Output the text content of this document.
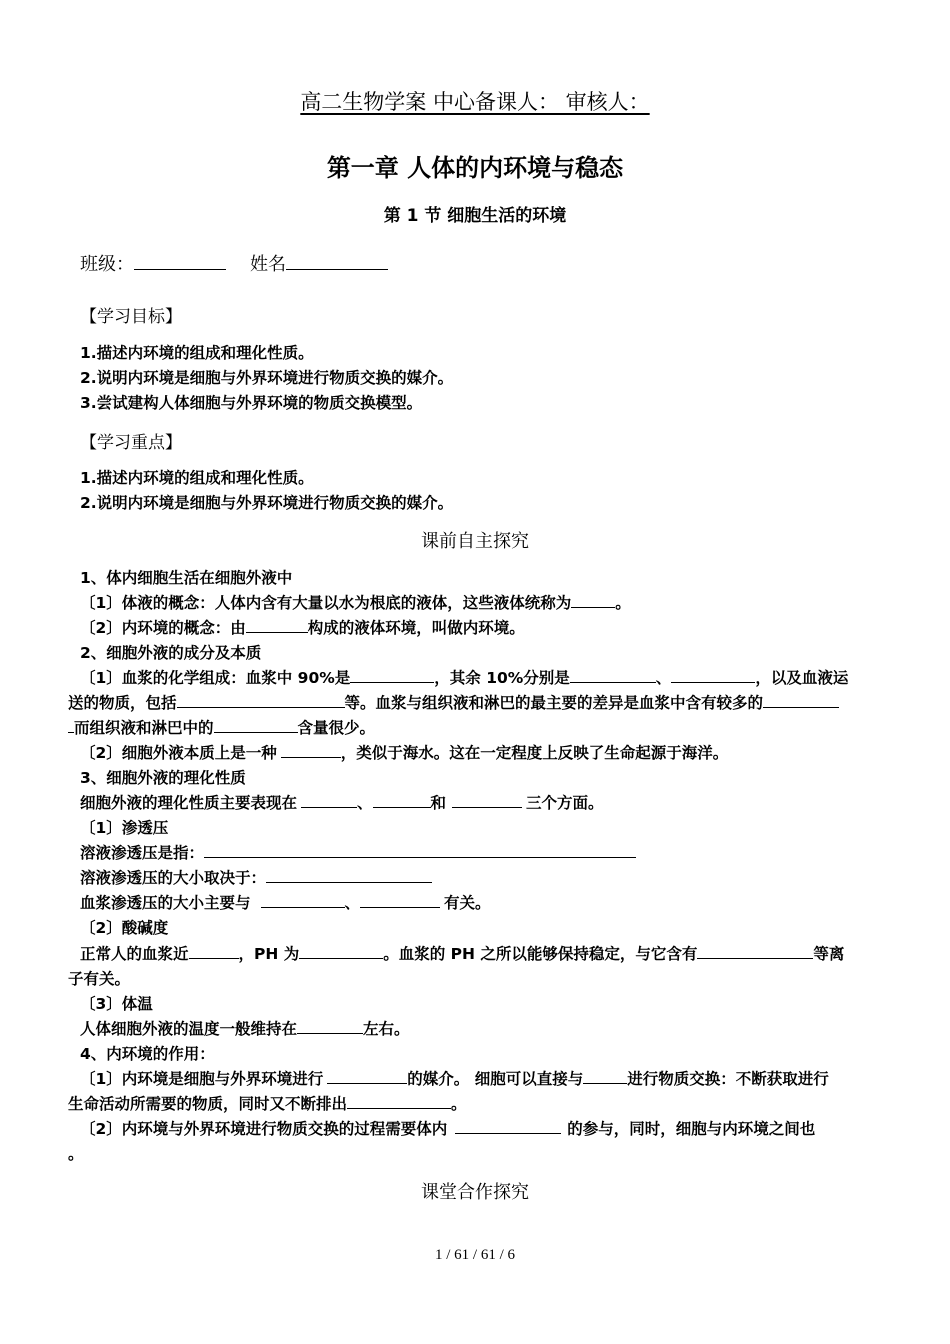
高二生物学案 中心备课人： 审核人：
第一章 人体的内环境与稳态
第 1 节 细胞生活的环境
班级：	姓名
【学习目标】
1.描述内环境的组成和理化性质。
2.说明内环境是细胞与外界环境进行物质交换的媒介。
3.尝试建构人体细胞与外界环境的物质交换模型。
【学习重点】
1.描述内环境的组成和理化性质。
2.说明内环境是细胞与外界环境进行物质交换的媒介。
课前自主探究
1、体内细胞生活在细胞外液中
〔1〕体液的概念：人体内含有大量以水为根底的液体，这些液体统称为	。
〔2〕内环境的概念：由	构成的液体环境，叫做内环境。
2、细胞外液的成分及本质
〔1〕血浆的化学组成：血浆中 90%是	，其余 10%分别是	、	，以及血液运
送的物质，包括	等。血浆与组织液和淋巴的最主要的差异是血浆中含有较多的
而组织液和淋巴中的	含量很少。
〔2〕细胞外液本质上是一种	，类似于海水。这在一定程度上反映了生命起源于海洋。
3、细胞外液的理化性质
细胞外液的理化性质主要表现在	、	和	三个方面。
〔1〕渗透压
溶液渗透压是指：
溶液渗透压的大小取决于：
血浆渗透压的大小主要与	、	有关。
〔2〕酸碱度
正常人的血浆近	，PH 为	。血浆的 PH 之所以能够保持稳定，与它含有	等离
子有关。
〔3〕体温
人体细胞外液的温度一般维持在	左右。
4、内环境的作用：
〔1〕内环境是细胞与外界环境进行	的媒介。 细胞可以直接与	进行物质交换：不断获取进行
生命活动所需要的物质，同时又不断排出	。
〔2〕内环境与外界环境进行物质交换的过程需要体内	的参与，同时，细胞与内环境之间也
。
课堂合作探究
1 / 61 / 61 / 6
